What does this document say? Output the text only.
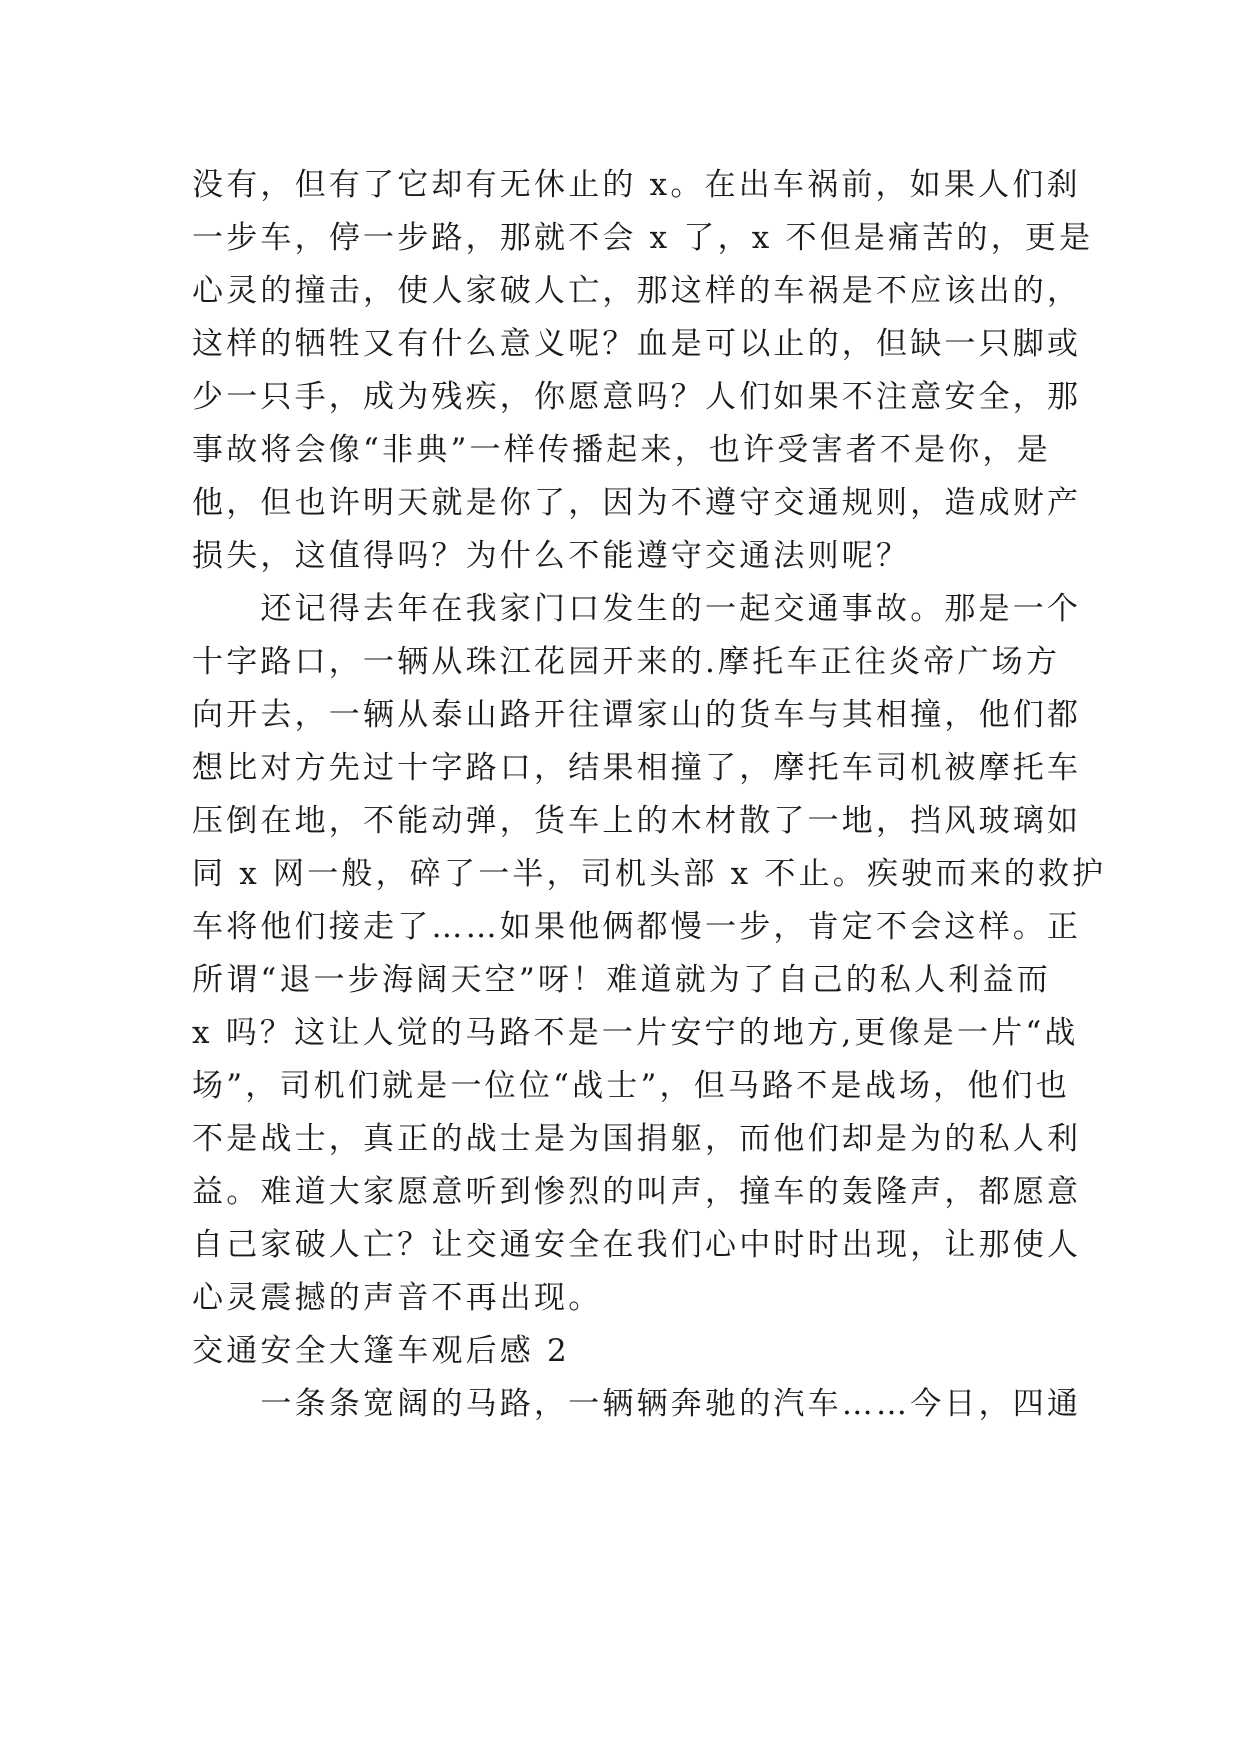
没有，但有了它却有无休止的 x。在出车祸前，如果人们刹
一步车，停一步路，那就不会 x 了，x 不但是痛苦的，更是
心灵的撞击，使人家破人亡，那这样的车祸是不应该出的，
这样的牺牲又有什么意义呢？血是可以止的，但缺一只脚或
少一只手，成为残疾，你愿意吗？人们如果不注意安全，那
事故将会像“非典”一样传播起来，也许受害者不是你，是
他，但也许明天就是你了，因为不遵守交通规则，造成财产
损失，这值得吗？为什么不能遵守交通法则呢？
　　还记得去年在我家门口发生的一起交通事故。那是一个
十字路口，一辆从珠江花园开来的.摩托车正往炎帝广场方
向开去，一辆从泰山路开往谭家山的货车与其相撞，他们都
想比对方先过十字路口，结果相撞了，摩托车司机被摩托车
压倒在地，不能动弹，货车上的木材散了一地，挡风玻璃如
同 x 网一般，碎了一半，司机头部 x 不止。疾驶而来的救护
车将他们接走了……如果他俩都慢一步，肯定不会这样。正
所谓“退一步海阔天空”呀！难道就为了自己的私人利益而
x 吗？这让人觉的马路不是一片安宁的地方,更像是一片“战
场”，司机们就是一位位“战士”，但马路不是战场，他们也
不是战士，真正的战士是为国捐躯，而他们却是为的私人利
益。难道大家愿意听到惨烈的叫声，撞车的轰隆声，都愿意
自己家破人亡？让交通安全在我们心中时时出现，让那使人
心灵震撼的声音不再出现。
交通安全大篷车观后感 2
　　一条条宽阔的马路，一辆辆奔驰的汽车……今日，四通
